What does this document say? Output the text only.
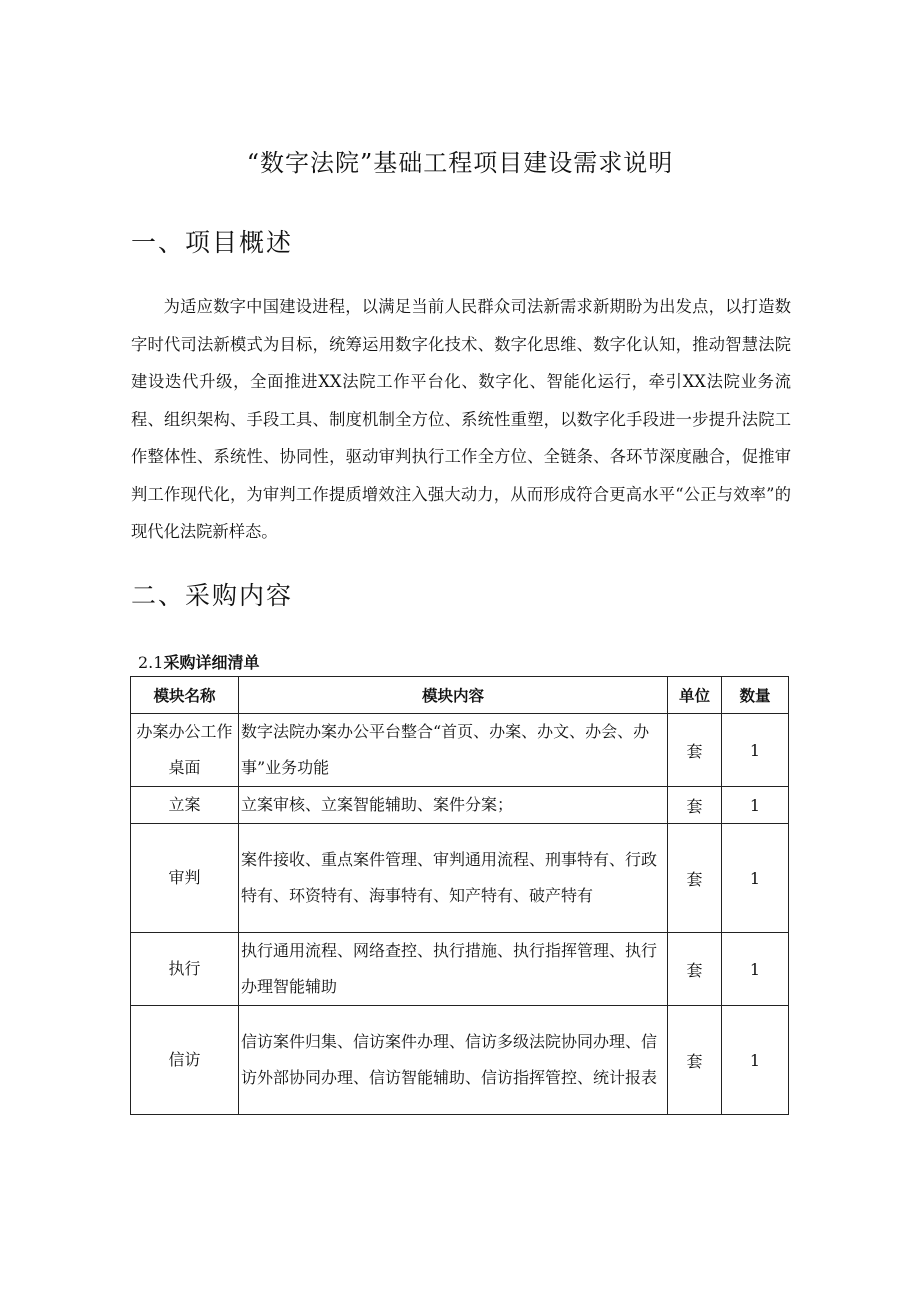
“数字法院”基础工程项目建设需求说明
一、项目概述

为适应数字中国建设进程，以满足当前人民群众司法新需求新期盼为出发点，以打造数字时代司法新模式为目标，统筹运用数字化技术、数字化思维、数字化认知，推动智慧法院建设迭代升级，全面推进XX法院工作平台化、数字化、智能化运行，牵引XX法院业务流程、组织架构、手段工具、制度机制全方位、系统性重塑，以数字化手段进一步提升法院工作整体性、系统性、协同性，驱动审判执行工作全方位、全链条、各环节深度融合，促推审判工作现代化，为审判工作提质增效注入强大动力，从而形成符合更高水平“公正与效率”的现代化法院新样态。

二、采购内容
2.1采购详细清单
模块名称	模块内容	单位	数量
办案办公工作桌面	数字法院办案办公平台整合“首页、办案、办文、办会、办事”业务功能	套	1
立案	立案审核、立案智能辅助、案件分案；	套	1
审判	案件接收、重点案件管理、审判通用流程、刑事特有、行政特有、环资特有、海事特有、知产特有、破产特有	套	1
执行	执行通用流程、网络查控、执行措施、执行指挥管理、执行办理智能辅助	套	1
信访	信访案件归集、信访案件办理、信访多级法院协同办理、信访外部协同办理、信访智能辅助、信访指挥管控、统计报表	套	1
